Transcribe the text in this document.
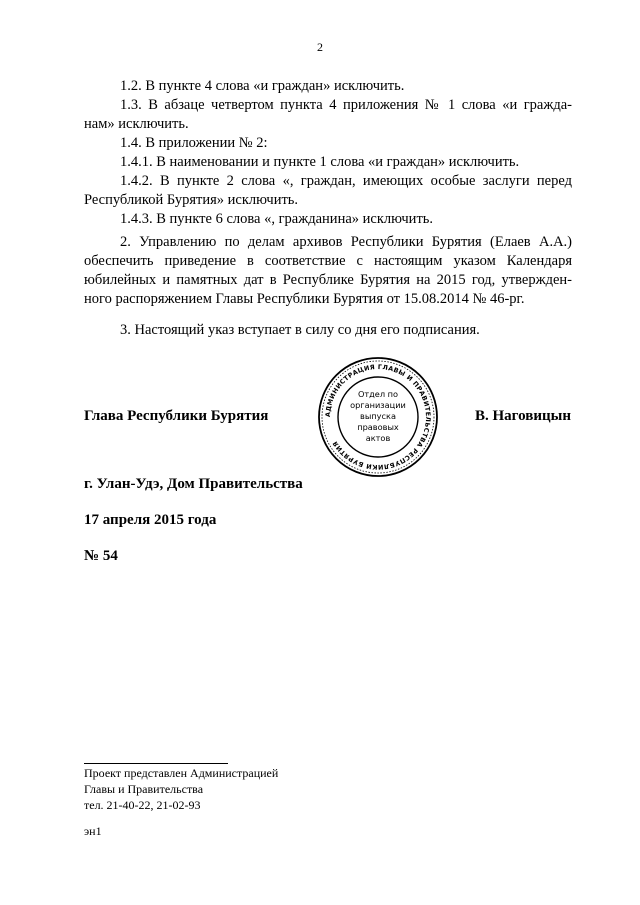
2

1.2. В пункте 4 слова «и граждан» исключить.

1.3. В абзаце четвертом пункта 4 приложения № 1 слова «и гражда-

нам» исключить.

1.4. В приложении № 2:

1.4.1. В наименовании и пункте 1 слова «и граждан» исключить.

1.4.2. В пункте 2 слова «, граждан, имеющих особые заслуги перед

Республикой Бурятия» исключить.

1.4.3. В пункте 6 слова «, гражданина» исключить.

2. Управлению по делам архивов Республики Бурятия (Елаев А.А.)

обеспечить приведение в соответствие с настоящим указом Календаря

юбилейных и памятных дат в Республике Бурятия на 2015 год, утвержден-

ного распоряжением Главы Республики Бурятия от 15.08.2014 № 46-рг.

3. Настоящий указ вступает в силу со дня его подписания.

Глава Республики Бурятия	В. Наговицын
АДМИНИСТРАЦИЯ ГЛАВЫ И ПРАВИТЕЛЬСТВА РЕСПУБЛИКИ БУРЯТИЯ
Отдел по
организации
выпуска
правовых
актов
г. Улан-Удэ, Дом Правительства
17 апреля 2015 года
№ 54
Проект представлен Администрацией
Главы и Правительства
тел. 21-40-22, 21-02-93
эн1
